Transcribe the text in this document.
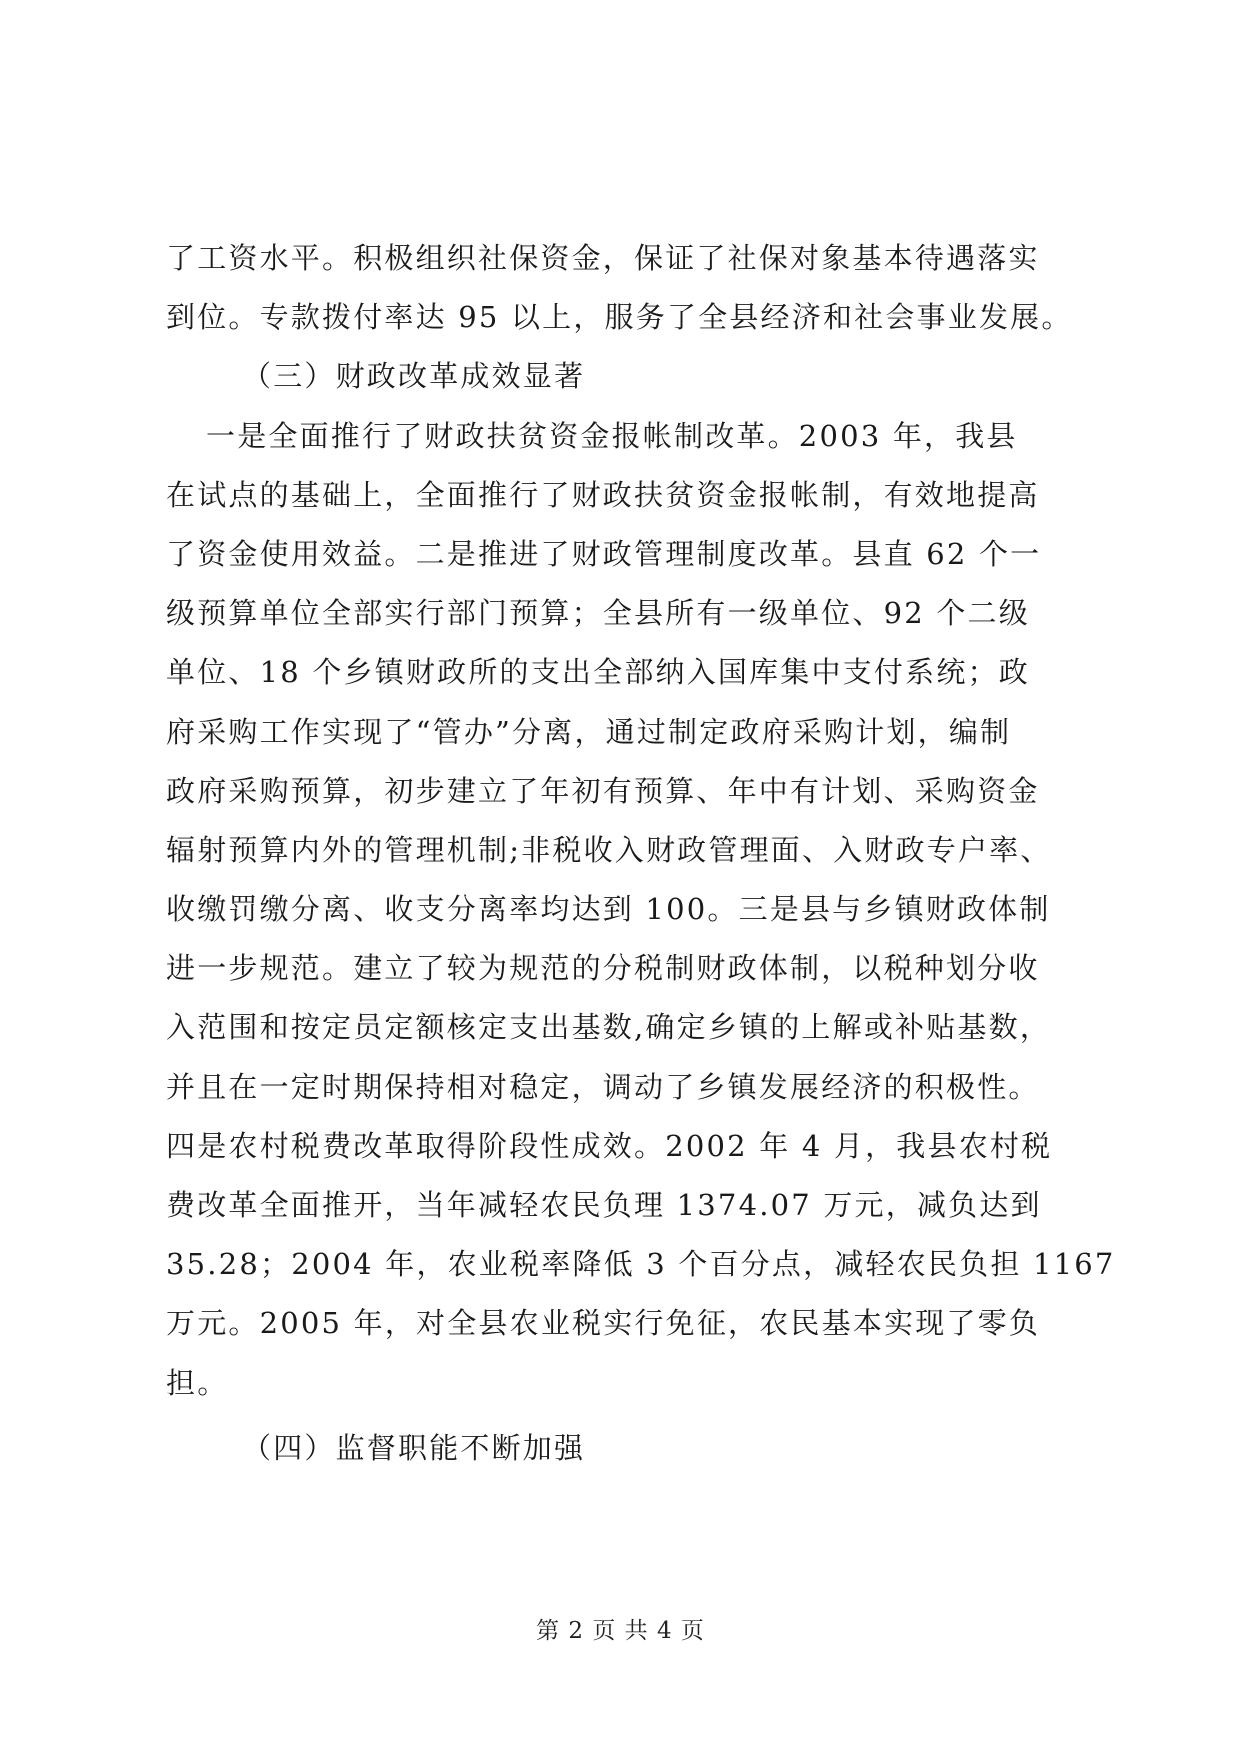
了工资水平。积极组织社保资金，保证了社保对象基本待遇落实
到位。专款拨付率达 95 以上，服务了全县经济和社会事业发展。
（三）财政改革成效显著
一是全面推行了财政扶贫资金报帐制改革。2003 年，我县
在试点的基础上，全面推行了财政扶贫资金报帐制，有效地提高
了资金使用效益。二是推进了财政管理制度改革。县直 62 个一
级预算单位全部实行部门预算；全县所有一级单位、92 个二级
单位、18 个乡镇财政所的支出全部纳入国库集中支付系统；政
府采购工作实现了“管办”分离，通过制定政府采购计划，编制
政府采购预算，初步建立了年初有预算、年中有计划、采购资金
辐射预算内外的管理机制;非税收入财政管理面、入财政专户率、
收缴罚缴分离、收支分离率均达到 100。三是县与乡镇财政体制
进一步规范。建立了较为规范的分税制财政体制，以税种划分收
入范围和按定员定额核定支出基数,确定乡镇的上解或补贴基数，
并且在一定时期保持相对稳定，调动了乡镇发展经济的积极性。
四是农村税费改革取得阶段性成效。2002 年 4 月，我县农村税
费改革全面推开，当年减轻农民负理 1374.07 万元，减负达到
35.28；2004 年，农业税率降低 3 个百分点，减轻农民负担 1167
万元。2005 年，对全县农业税实行免征，农民基本实现了零负
担。
（四）监督职能不断加强
第 2 页 共 4 页
